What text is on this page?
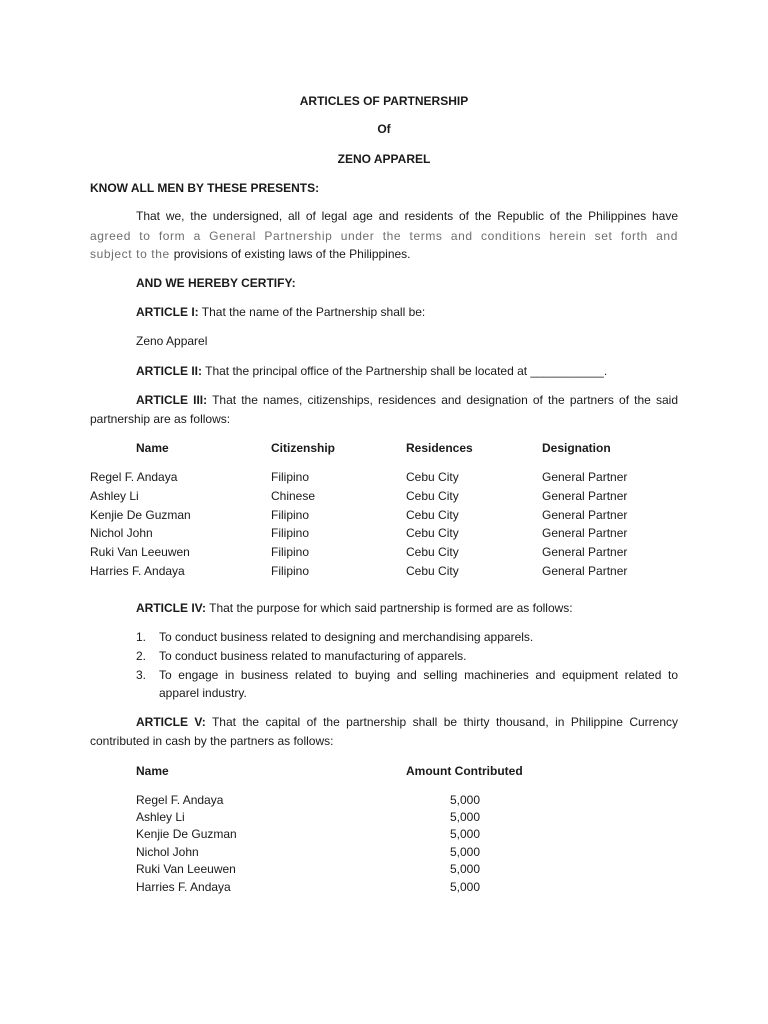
ARTICLES OF PARTNERSHIP
Of
ZENO APPAREL
KNOW ALL MEN BY THESE PRESENTS:
That we, the undersigned, all of legal age and residents of the Republic of the Philippines have
agreed to form a General Partnership under the terms and conditions herein set forth and
subject to the provisions of existing laws of the Philippines.
AND WE HEREBY CERTIFY:
ARTICLE I: That the name of the Partnership shall be:
Zeno Apparel
ARTICLE II: That the principal office of the Partnership shall be located at ___________.
ARTICLE III: That the names, citizenships, residences and designation of the partners of the said
partnership are as follows:
Name	Citizenship	Residences	Designation
Regel F. Andaya	Filipino	Cebu City	General Partner
Ashley Li	Chinese	Cebu City	General Partner
Kenjie De Guzman	Filipino	Cebu City	General Partner
Nichol John	Filipino	Cebu City	General Partner
Ruki Van Leeuwen	Filipino	Cebu City	General Partner
Harries F. Andaya	Filipino	Cebu City	General Partner
ARTICLE IV: That the purpose for which said partnership is formed are as follows:
1. To conduct business related to designing and merchandising apparels.
2. To conduct business related to manufacturing of apparels.
3. To engage in business related to buying and selling machineries and equipment related to
apparel industry.
ARTICLE V: That the capital of the partnership shall be thirty thousand, in Philippine Currency
contributed in cash by the partners as follows:
Name	Amount Contributed
Regel F. Andaya	5,000
Ashley Li	5,000
Kenjie De Guzman	5,000
Nichol John	5,000
Ruki Van Leeuwen	5,000
Harries F. Andaya	5,000
